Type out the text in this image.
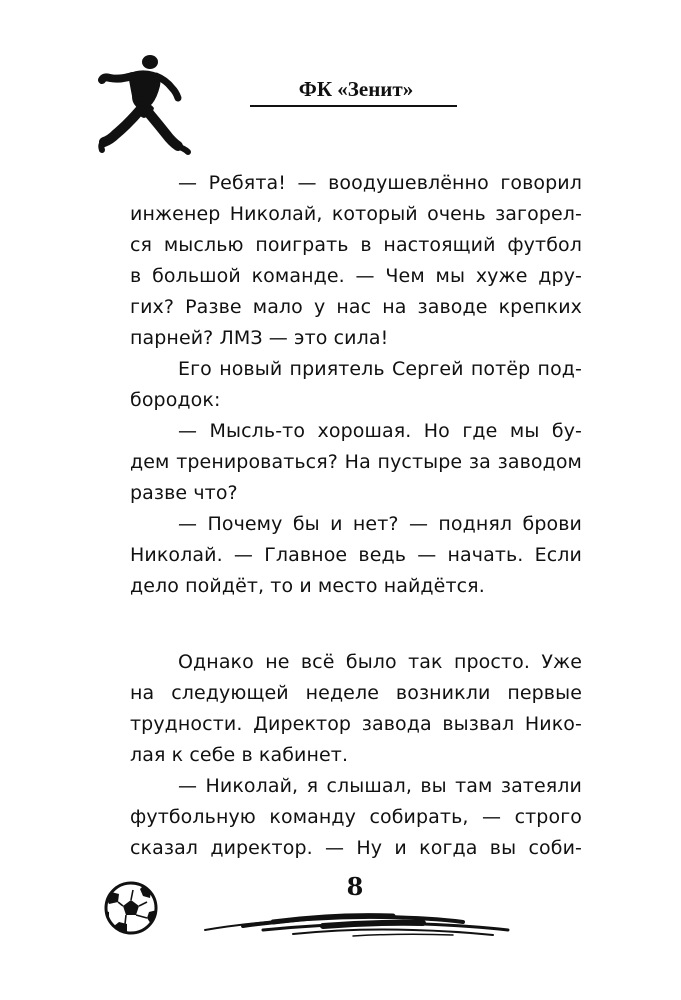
ФК «Зенит»
— Ребята! — воодушевлённо говорил
инженер Николай, который очень загорел-
ся мыслью поиграть в настоящий футбол
в большой команде. — Чем мы хуже дру-
гих? Разве мало у нас на заводе крепких
парней? ЛМЗ — это сила!
Его новый приятель Сергей потёр под-
бородок:
— Мысль-то хорошая. Но где мы бу-
дем тренироваться? На пустыре за заводом
разве что?
— Почему бы и нет? — поднял брови
Николай. — Главное ведь — начать. Если
дело пойдёт, то и место найдётся.
Однако не всё было так просто. Уже
на следующей неделе возникли первые
трудности. Директор завода вызвал Нико-
лая к себе в кабинет.
— Николай, я слышал, вы там затеяли
футбольную команду собирать, — строго
сказал директор. — Ну и когда вы соби-
8
